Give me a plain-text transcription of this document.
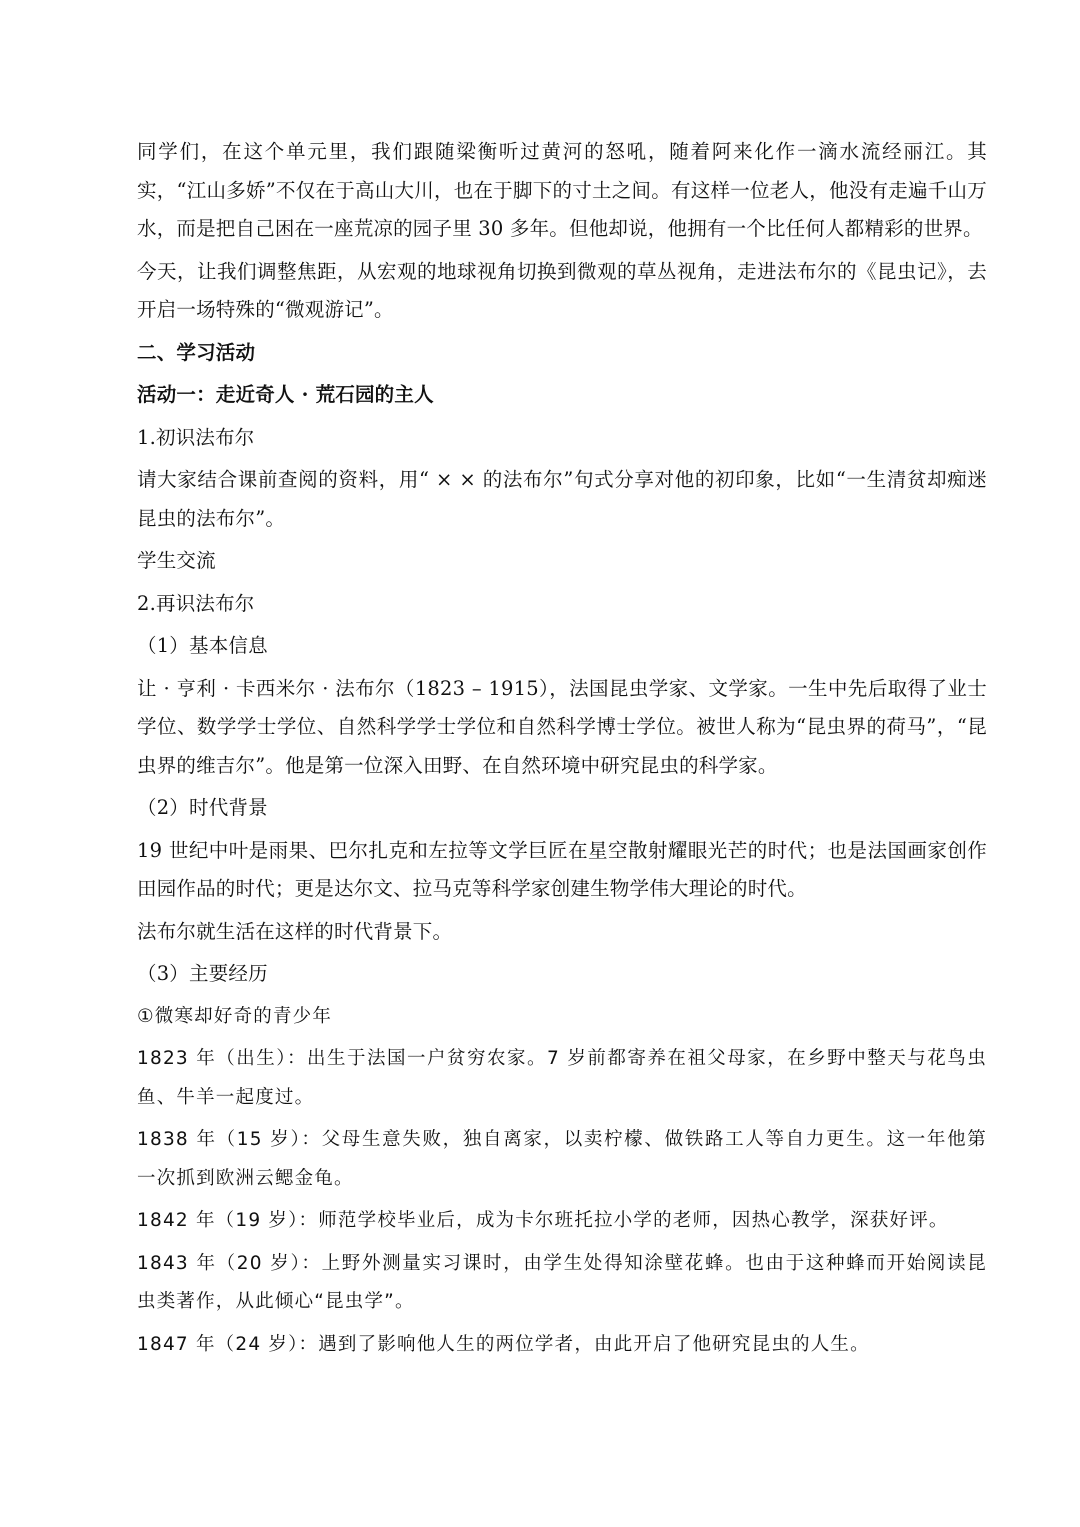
同学们，在这个单元里，我们跟随梁衡听过黄河的怒吼，随着阿来化作一滴水流经丽江。其实，“江山多娇”不仅在于高山大川，也在于脚下的寸土之间。有这样一位老人，他没有走遍千山万水，而是把自己困在一座荒凉的园子里 30 多年。但他却说，他拥有一个比任何人都精彩的世界。

今天，让我们调整焦距，从宏观的地球视角切换到微观的草丛视角，走进法布尔的《昆虫记》，去开启一场特殊的“微观游记”。

二、学习活动

活动一：走近奇人 · 荒石园的主人

1.初识法布尔

请大家结合课前查阅的资料，用“ × × 的法布尔”句式分享对他的初印象，比如“一生清贫却痴迷昆虫的法布尔”。

学生交流

2.再识法布尔

（1）基本信息

让 · 亨利 · 卡西米尔 · 法布尔（1823 – 1915），法国昆虫学家、文学家。一生中先后取得了业士学位、数学学士学位、自然科学学士学位和自然科学博士学位。被世人称为“昆虫界的荷马”，“昆虫界的维吉尔”。他是第一位深入田野、在自然环境中研究昆虫的科学家。

（2）时代背景

19 世纪中叶是雨果、巴尔扎克和左拉等文学巨匠在星空散射耀眼光芒的时代；也是法国画家创作田园作品的时代；更是达尔文、拉马克等科学家创建生物学伟大理论的时代。

法布尔就生活在这样的时代背景下。

（3）主要经历

①微寒却好奇的青少年

1823 年（出生）：出生于法国一户贫穷农家。7 岁前都寄养在祖父母家，在乡野中整天与花鸟虫鱼、牛羊一起度过。

1838 年（15 岁）：父母生意失败，独自离家，以卖柠檬、做铁路工人等自力更生。这一年他第一次抓到欧洲云鳃金龟。

1842 年（19 岁）：师范学校毕业后，成为卡尔班托拉小学的老师，因热心教学，深获好评。

1843 年（20 岁）：上野外测量实习课时，由学生处得知涂壁花蜂。也由于这种蜂而开始阅读昆虫类著作，从此倾心“昆虫学”。

1847 年（24 岁）：遇到了影响他人生的两位学者，由此开启了他研究昆虫的人生。
